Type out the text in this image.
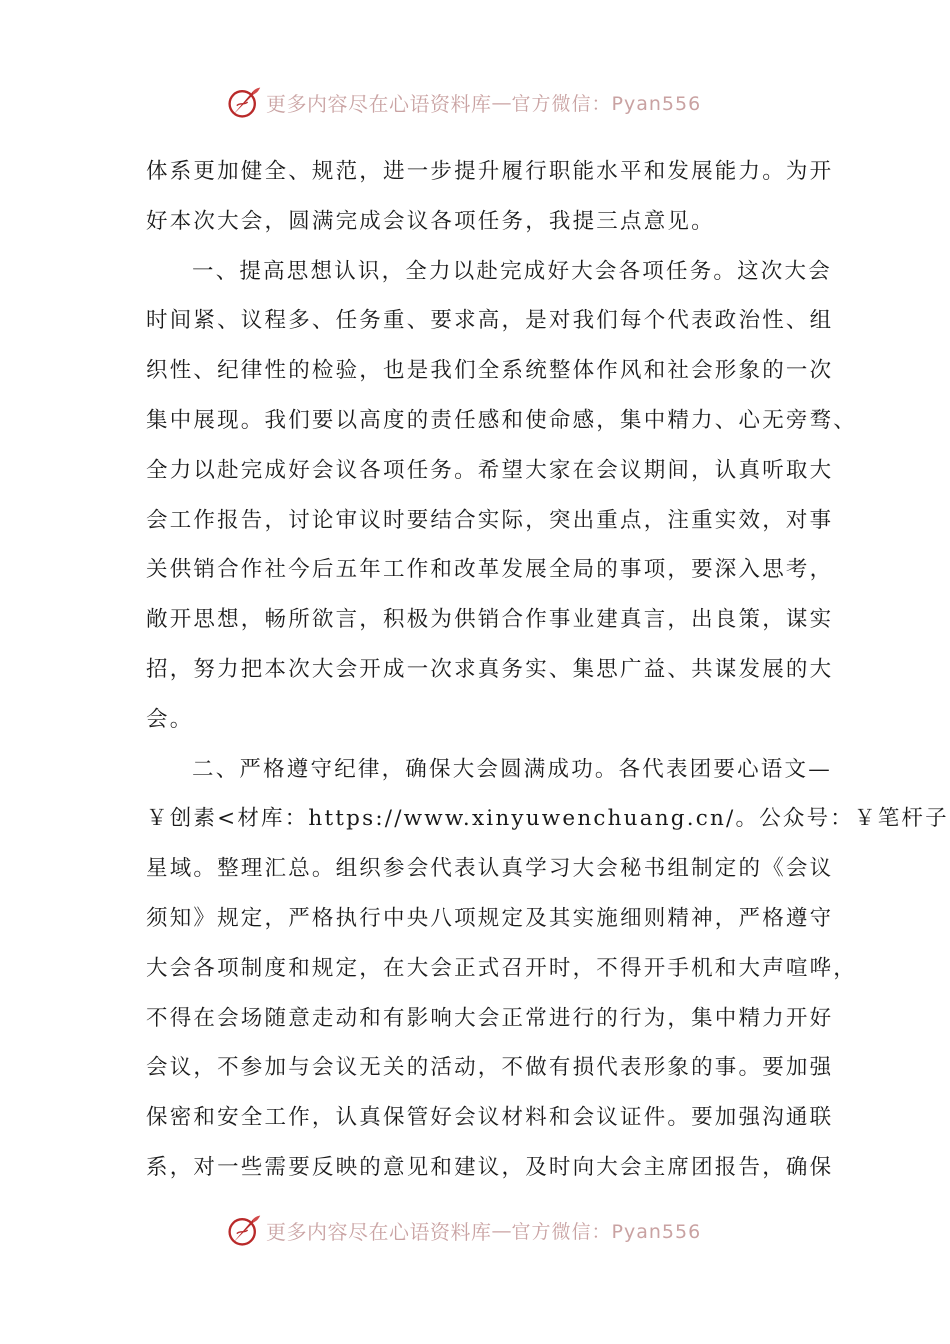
更多内容尽在心语资料库 — 官方微信：Pyan556
体系更加健全、规范，进一步提升履行职能水平和发展能力。为开
好本次大会，圆满完成会议各项任务，我提三点意见。
一、提高思想认识，全力以赴完成好大会各项任务。这次大会
时间紧、议程多、任务重、要求高，是对我们每个代表政治性、组
织性、纪律性的检验，也是我们全系统整体作风和社会形象的一次
集中展现。我们要以高度的责任感和使命感，集中精力、心无旁骛、
全力以赴完成好会议各项任务。希望大家在会议期间，认真听取大
会工作报告，讨论审议时要结合实际，突出重点，注重实效，对事
关供销合作社今后五年工作和改革发展全局的事项，要深入思考，
敞开思想，畅所欲言，积极为供销合作事业建真言，出良策，谋实
招，努力把本次大会开成一次求真务实、集思广益、共谋发展的大
会。
二、严格遵守纪律，确保大会圆满成功。各代表团要心语文—
￥创素<材库：https://www.xinyuwenchuang.cn/。公众号：￥笔杆子
星域。整理汇总。组织参会代表认真学习大会秘书组制定的《会议
须知》规定，严格执行中央八项规定及其实施细则精神，严格遵守
大会各项制度和规定，在大会正式召开时，不得开手机和大声喧哗，
不得在会场随意走动和有影响大会正常进行的行为，集中精力开好
会议，不参加与会议无关的活动，不做有损代表形象的事。要加强
保密和安全工作，认真保管好会议材料和会议证件。要加强沟通联
系，对一些需要反映的意见和建议，及时向大会主席团报告，确保
更多内容尽在心语资料库 — 官方微信：Pyan556
